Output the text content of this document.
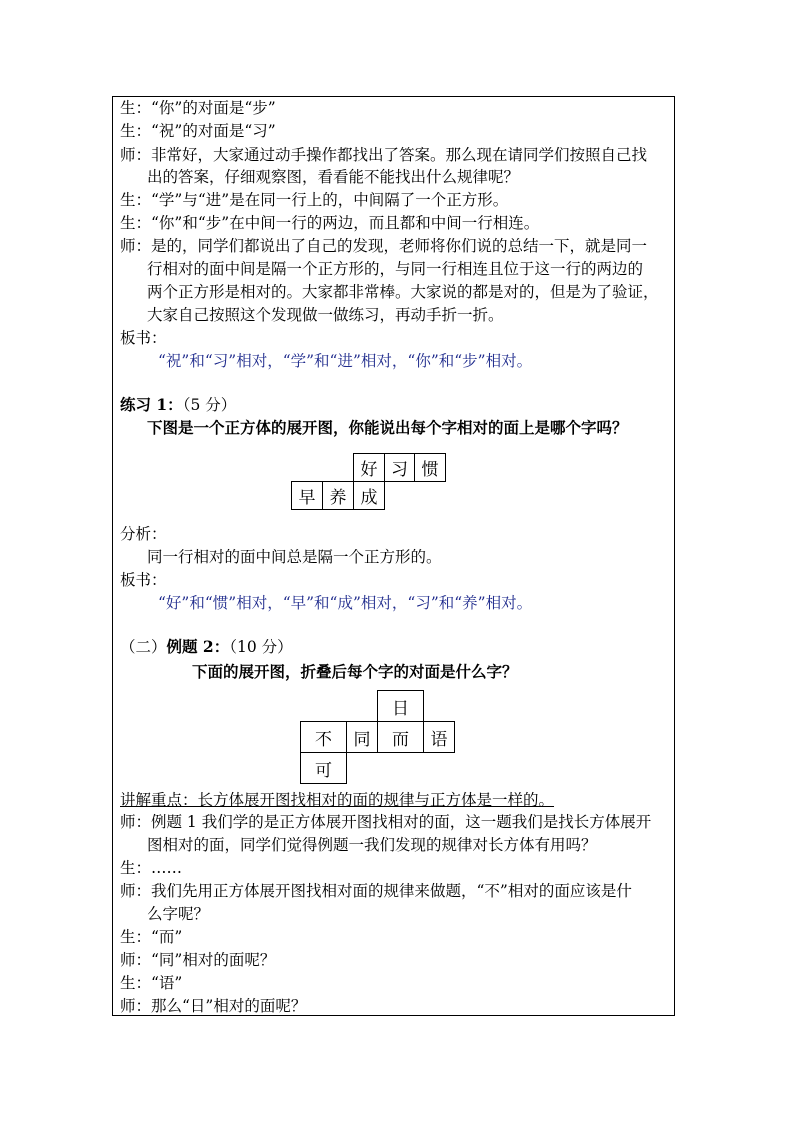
生：“你”的对面是“步”
生：“祝”的对面是“习”
师：非常好，大家通过动手操作都找出了答案。那么现在请同学们按照自己找
出的答案，仔细观察图，看看能不能找出什么规律呢？
生：“学”与“进”是在同一行上的，中间隔了一个正方形。
生：“你”和“步”在中间一行的两边，而且都和中间一行相连。
师：是的，同学们都说出了自己的发现，老师将你们说的总结一下，就是同一
行相对的面中间是隔一个正方形的，与同一行相连且位于这一行的两边的
两个正方形是相对的。大家都非常棒。大家说的都是对的，但是为了验证，
大家自己按照这个发现做一做练习，再动手折一折。
板书：
“祝”和“习”相对，“学”和“进”相对，“你”和“步”相对。
练习 1：（5 分）
下图是一个正方体的展开图，你能说出每个字相对的面上是哪个字吗？
好 习 惯
早 养 成
分析：
同一行相对的面中间总是隔一个正方形的。
板书：
“好”和“惯”相对，“早”和“成”相对，“习”和“养”相对。
（二）例题 2：（10 分）
下面的展开图，折叠后每个字的对面是什么字？
日
不	同	而	语
可
讲解重点：长方体展开图找相对的面的规律与正方体是一样的。
师：例题 1 我们学的是正方体展开图找相对的面，这一题我们是找长方体展开
图相对的面，同学们觉得例题一我们发现的规律对长方体有用吗？
生：……
师：我们先用正方体展开图找相对面的规律来做题，“不”相对的面应该是什
么字呢？
生：“而”
师：“同”相对的面呢？
生：“语”
师：那么“日”相对的面呢？
